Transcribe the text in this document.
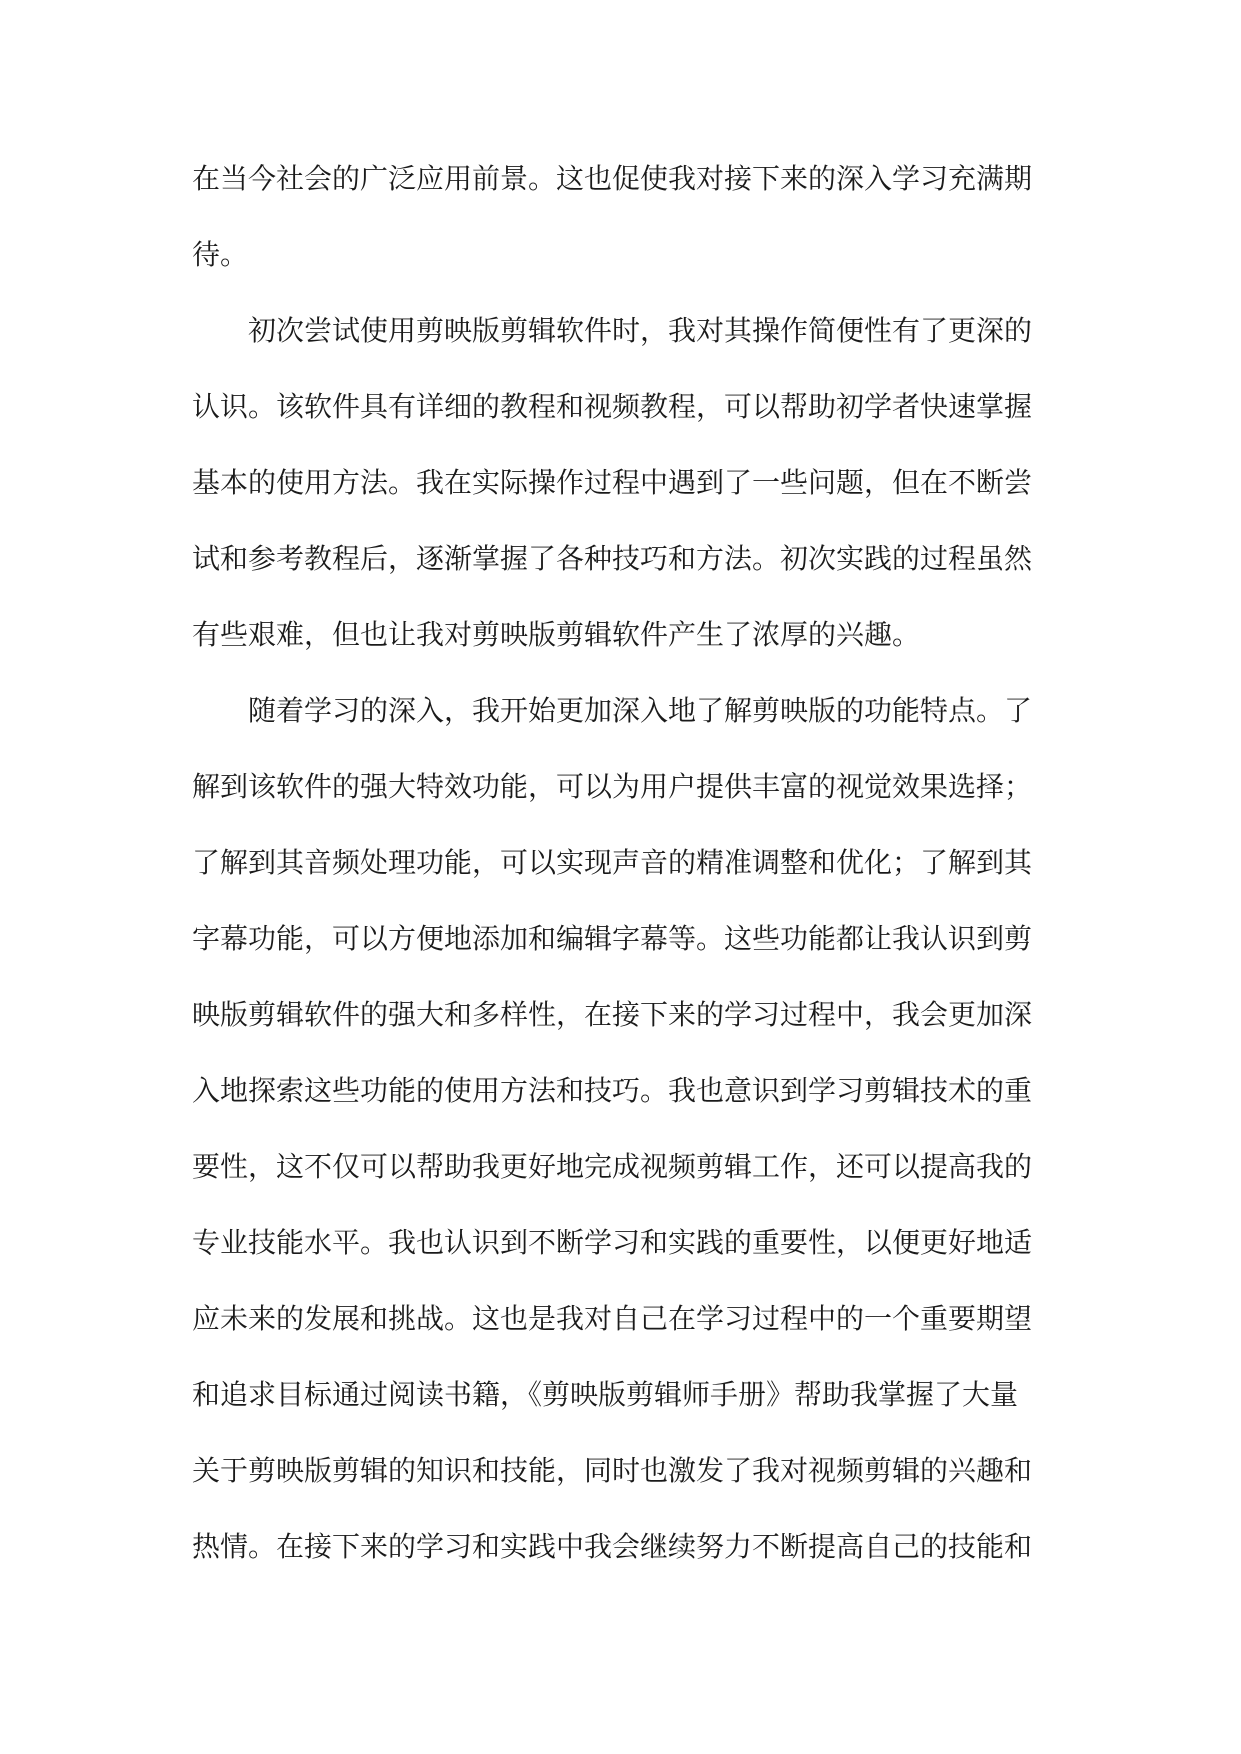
在当今社会的广泛应用前景。这也促使我对接下来的深入学习充满期
待。
初次尝试使用剪映版剪辑软件时，我对其操作简便性有了更深的
认识。该软件具有详细的教程和视频教程，可以帮助初学者快速掌握
基本的使用方法。我在实际操作过程中遇到了一些问题，但在不断尝
试和参考教程后，逐渐掌握了各种技巧和方法。初次实践的过程虽然
有些艰难，但也让我对剪映版剪辑软件产生了浓厚的兴趣。
随着学习的深入，我开始更加深入地了解剪映版的功能特点。了
解到该软件的强大特效功能，可以为用户提供丰富的视觉效果选择；
了解到其音频处理功能，可以实现声音的精准调整和优化；了解到其
字幕功能，可以方便地添加和编辑字幕等。这些功能都让我认识到剪
映版剪辑软件的强大和多样性，在接下来的学习过程中，我会更加深
入地探索这些功能的使用方法和技巧。我也意识到学习剪辑技术的重
要性，这不仅可以帮助我更好地完成视频剪辑工作，还可以提高我的
专业技能水平。我也认识到不断学习和实践的重要性，以便更好地适
应未来的发展和挑战。这也是我对自己在学习过程中的一个重要期望
和追求目标通过阅读书籍，《剪映版剪辑师手册》帮助我掌握了大量
关于剪映版剪辑的知识和技能，同时也激发了我对视频剪辑的兴趣和
热情。在接下来的学习和实践中我会继续努力不断提高自己的技能和
